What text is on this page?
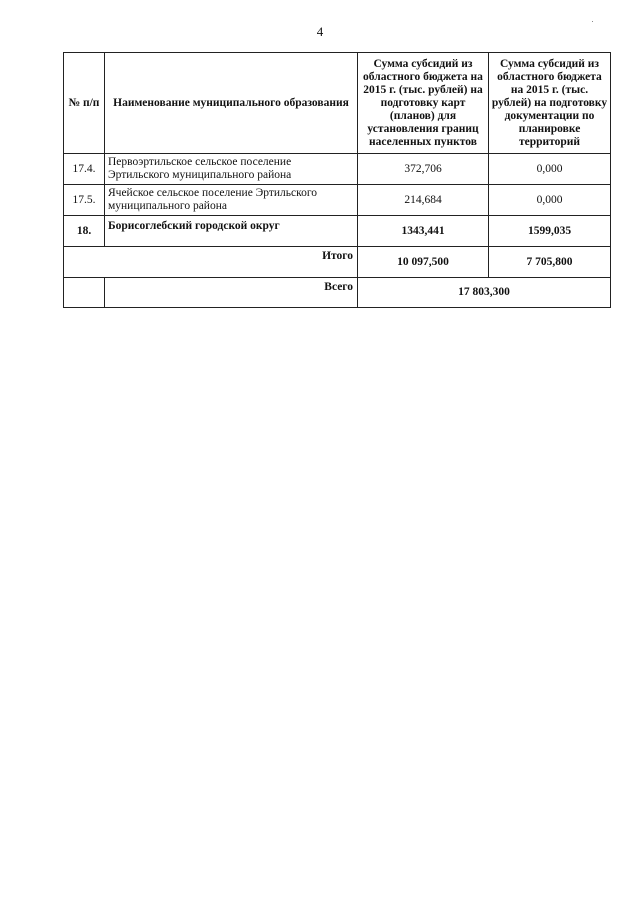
4
№ п/п	Наименование муниципального образования	Сумма субсидий из областного бюджета на 2015 г. (тыс. рублей) на подготовку карт (планов) для установления границ населенных пунктов	Сумма субсидий из областного бюджета на 2015 г. (тыс. рублей) на подготовку документации по планировке территорий
17.4.	Первоэртильское сельское поселение Эртильского муниципального района	372,706	0,000
17.5.	Ячейское сельское поселение Эртильского муниципального района	214,684	0,000
18.	Борисоглебский городской округ	1343,441	1599,035
Итого		10 097,500	7 705,800
	Всего	17 803,300	
